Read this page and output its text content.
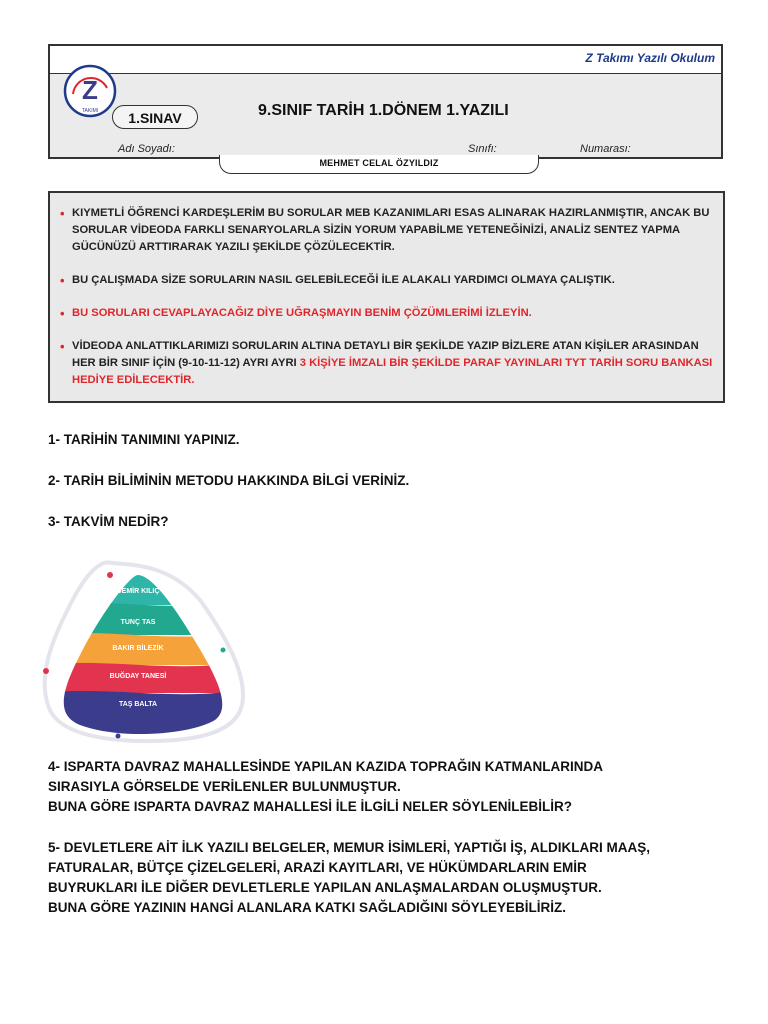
Z Takımı Yazılı Okulum
Z
TAKIMI	1.SINAV	9.SINIF TARİH 1.DÖNEM 1.YAZILI
Adı Soyadı:	Sınıfı:	Numarası:
MEHMET CELAL ÖZYILDIZ
• KIYMETLİ ÖĞRENCİ KARDEŞLERİM BU SORULAR MEB KAZANIMLARI ESAS ALINARAK HAZIRLANMIŞTIR, ANCAK BU SORULAR VİDEODA FARKLI SENARYOLARLA SİZİN YORUM YAPABİLME YETENEĞİNİZİ, ANALİZ SENTEZ YAPMA GÜCÜNÜZÜ ARTTIRARAK YAZILI ŞEKİLDE ÇÖZÜLECEKTİR.
• BU ÇALIŞMADA SİZE SORULARIN NASIL GELEBİLECEĞİ İLE ALAKALI YARDIMCI OLMAYA ÇALIŞTIK.
• BU SORULARI CEVAPLAYACAĞIZ DİYE UĞRAŞMAYIN BENİM ÇÖZÜMLERİMİ İZLEYİN.
• VİDEODA ANLATTIKLARIMIZI SORULARIN ALTINA DETAYLI BİR ŞEKİLDE YAZIP BİZLERE ATAN KİŞİLER ARASINDAN HER BİR SINIF İÇİN (9-10-11-12) AYRI AYRI 3 KİŞİYE İMZALI BİR ŞEKİLDE PARAF YAYINLARI TYT TARİH SORU BANKASI HEDİYE EDİLECEKTİR.
1- TARİHİN TANIMINI YAPINIZ.
2- TARİH BİLİMİNİN METODU HAKKINDA BİLGİ VERİNİZ.
3- TAKVİM NEDİR?
DEMİR KILIÇ
TUNÇ TAS
BAKIR BİLEZİK
BUĞDAY TANESİ
TAŞ BALTA
4- ISPARTA DAVRAZ MAHALLESİNDE YAPILAN KAZIDA TOPRAĞIN KATMANLARINDA
SIRASIYLA GÖRSELDE VERİLENLER BULUNMUŞTUR.
BUNA GÖRE ISPARTA DAVRAZ MAHALLESİ İLE İLGİLİ NELER SÖYLENİLEBİLİR?
5- DEVLETLERE AİT İLK YAZILI BELGELER, MEMUR İSİMLERİ, YAPTIĞI İŞ, ALDIKLARI MAAŞ,
FATURALAR, BÜTÇE ÇİZELGELERİ, ARAZİ KAYITLARI, VE HÜKÜMDARLARIN EMİR
BUYRUKLARI İLE DİĞER DEVLETLERLE YAPILAN ANLAŞMALARDAN OLUŞMUŞTUR.
BUNA GÖRE YAZININ HANGİ ALANLARA KATKI SAĞLADIĞINI SÖYLEYEBİLİRİZ.
